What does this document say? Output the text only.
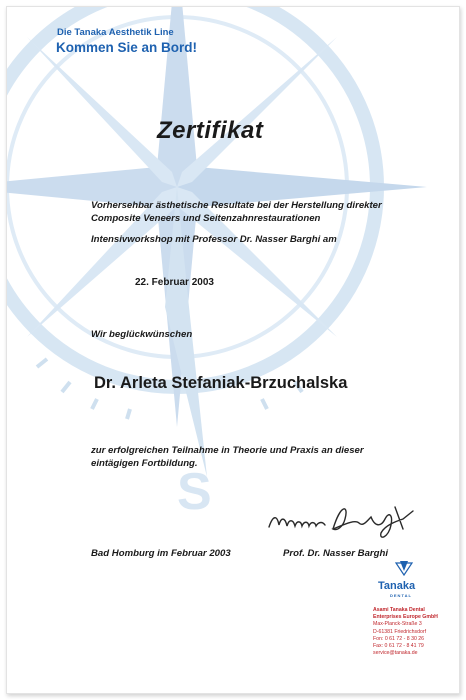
S
Die Tanaka Aesthetik Line
Kommen Sie an Bord!
Zertifikat
Vorhersehbar ästhetische Resultate bei der Herstellung direkter
Composite Veneers und Seitenzahnrestaurationen
Intensivworkshop mit Professor Dr. Nasser Barghi am
22. Februar 2003
Wir beglückwünschen
Dr. Arleta Stefaniak-Brzuchalska
zur erfolgreichen Teilnahme in Theorie und Praxis an dieser
eintägigen Fortbildung.
Bad Homburg im Februar 2003	Prof. Dr. Nasser Barghi
Tanaka
DENTAL
Asami Tanaka Dental
Enterprises Europe GmbH
Max-Planck-Straße 3
D-61381 Friedrichsdorf
Fon: 0 61 72 - 8 30 26
Fax: 0 61 72 - 8 41 79
service@tanaka.de
